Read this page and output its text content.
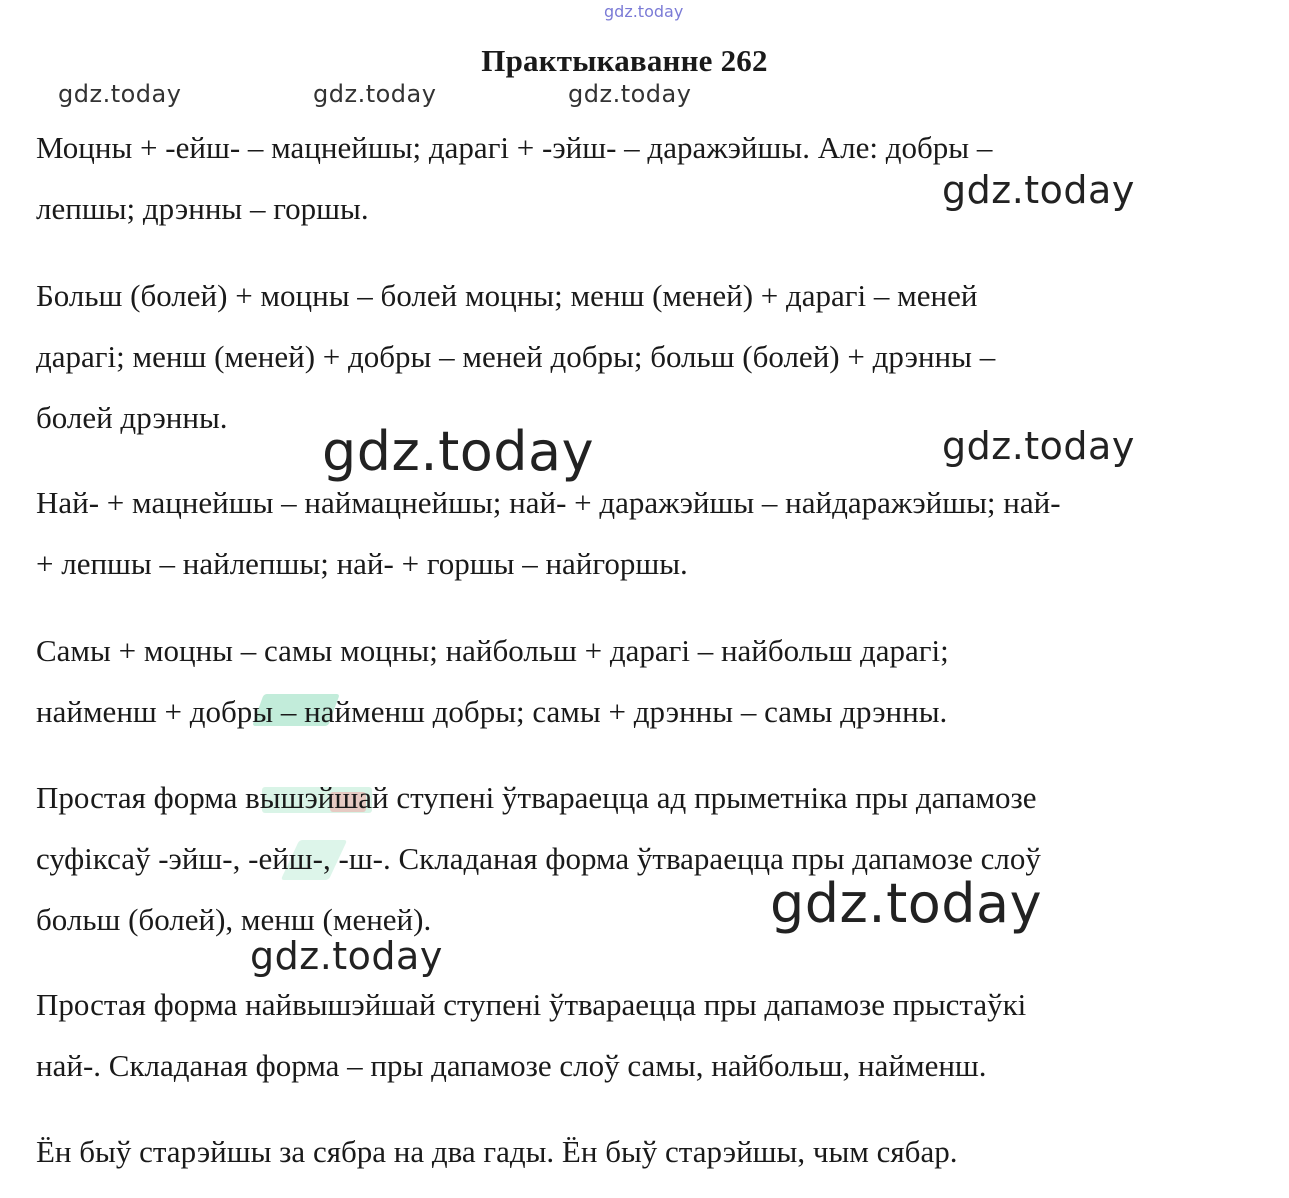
gdz.today
Практыкаванне 262
gdz.today	gdz.today	gdz.today

Моцны + -ейш- – мацнейшы; дарагі + -эйш- – даражэйшы. Але: добры –
лепшы; дрэнны – горшы.

Больш (болей) + моцны – болей моцны; менш (меней) + дарагі – меней
дарагі; менш (меней) + добры – меней добры; больш (болей) + дрэнны –
болей дрэнны.

Най- + мацнейшы – наймацнейшы; най- + даражэйшы – найдаражэйшы; най-
+ лепшы – найлепшы; най- + горшы – найгоршы.

Самы + моцны – самы моцны; найбольш + дарагі – найбольш дарагі;
найменш + добры – найменш добры; самы + дрэнны – самы дрэнны.

Простая форма вышэйшай ступені ўтвараецца ад прыметніка пры дапамозе
суфіксаў -эйш-, -ейш-, -ш-. Складаная форма ўтвараецца пры дапамозе слоў
больш (болей), менш (меней).

Простая форма найвышэйшай ступені ўтвараецца пры дапамозе прыстаўкі
най-. Складаная форма – пры дапамозе слоў самы, найбольш, найменш.

Ён быў старэйшы за сябра на два гады. Ён быў старэйшы, чым сябар.

gdz.today
gdz.today	gdz.today
gdz.today
gdz.today
